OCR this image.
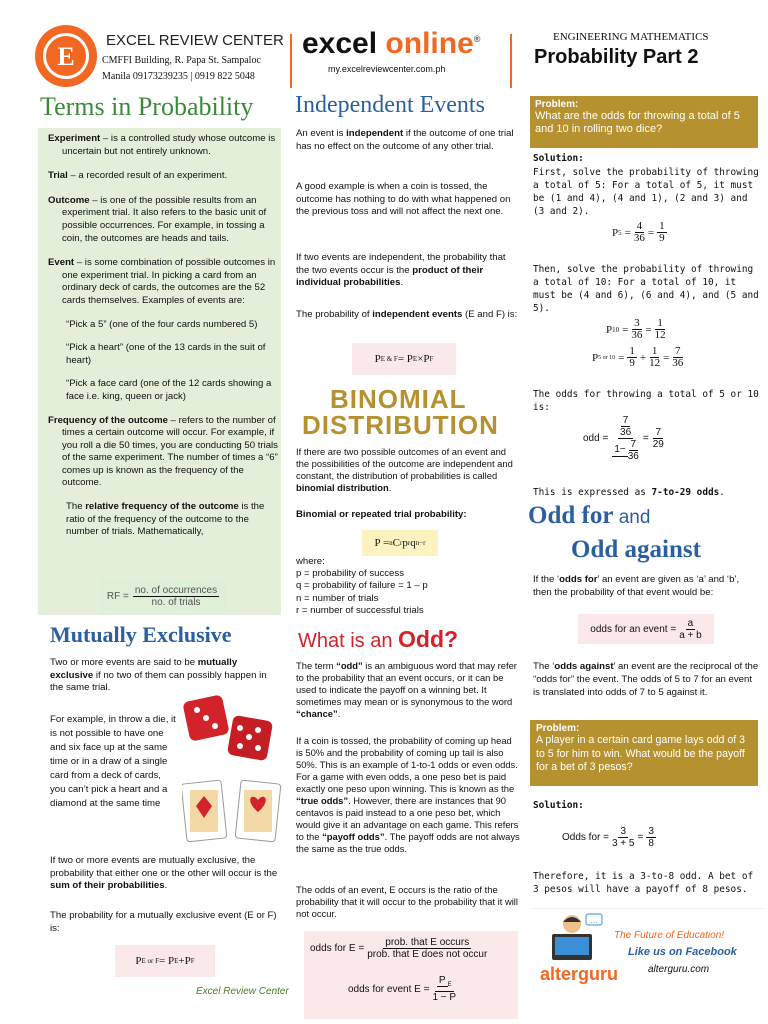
E
EXCEL REVIEW CENTER
CMFFI Building, R. Papa St. Sampaloc
Manila 09173239235 | 0919 822 5048
excel online®
my.excelreviewcenter.com.ph
ENGINEERING MATHEMATICS
Probability Part 2
Terms in Probability

Experiment – is a controlled study whose outcome is uncertain but not entirely unknown.

Trial – a recorded result of an experiment.

Outcome – is one of the possible results from an experiment trial. It also refers to the basic unit of possible occurrences. For example, in tossing a coin, the outcomes are heads and tails.

Event – is some combination of possible outcomes in one experiment trial. In picking a card from an ordinary deck of cards, the outcomes are the 52 cards themselves. Examples of events are:

“Pick a 5” (one of the four cards numbered 5)

“Pick a heart” (one of the 13 cards in the suit of heart)

“Pick a face card (one of the 12 cards showing a face i.e. king, queen or jack)

Frequency of the outcome – refers to the number of times a certain outcome will occur. For example, if you roll a die 50 times, you are conducting 50 trials of the same experiment. The number of times a “6” comes up is known as the frequency of the outcome.

The relative frequency of the outcome is the ratio of the frequency of the outcome to the number of trials. Mathematically,

RF = $\frac{\text{no. of occurrences}}{\text{no. of trials}}$
Mutually Exclusive
Two or more events are said to be mutually exclusive if no two of them can possibly happen in the same trial.
For example, in throw a die, it is not possible to have one and six face up at the same time or in a draw of a single card from a deck of cards, you can’t pick a heart and a diamond at the same time
If two or more events are mutually exclusive, the probability that either one or the other will occur is the sum of their probabilities.
The probability for a mutually exclusive event (E or F) is:
P E or F = P E +P F
Excel Review Center
Independent Events
An event is independent if the outcome of one trial has no effect on the outcome of any other trial.
A good example is when a coin is tossed, the outcome has nothing to do with what happened on the previous toss and will not affect the next one.
If two events are independent, the probability that the two events occur is the product of their individual probabilities.
The probability of independent events (E and F) is:
P E & F = P E ×P F
BINOMIAL
DISTRIBUTION
If there are two possible outcomes of an event and the possibilities of the outcome are independent and constant, the distribution of probabilities is called binomial distribution.
Binomial or repeated trial probability:
P = n C r p r q n−r

where:

p = probability of success

q = probability of failure = 1 – p

n = number of trials

r = number of successful trials

What is an Odd?
The term “odd” is an ambiguous word that may refer to the probability that an event occurs, or it can be used to indicate the payoff on a winning bet. It sometimes may mean or is synonymous to the word “chance”.
If a coin is tossed, the probability of coming up head is 50% and the probability of coming up tail is also 50%. This is an example of 1-to-1 odds or even odds. For a game with even odds, a one peso bet is paid exactly one peso upon winning. This is known as the “true odds”. However, there are instances that 90 centavos is paid instead to a one peso bet, which would give it an advantage on each game. This refers to the “payoff odds”. The payoff odds are not always the same as the true odds.
The odds of an event, E occurs is the ratio of the probability that it will occur to the probability that it will not occur.
odds for $E = \frac{\text{prob. that E occurs}}{\text{prob. that E does not occur}}$
odds for event $E = \frac{P _E}{1 - P}$
Problem:
What are the odds for throwing a total of 5 and 10 in rolling two dice?
Solution:
First, solve the probability of throwing a total of 5: For a total of 5, it must be (1 and 4), (4 and 1), (2 and 3) and (3 and 2).
P $5 = \frac{4}{36} = \frac{1}{9}$
Then, solve the probability of throwing a total of 10: For a total of 10, it must be (4 and 6), (6 and 4), and (5 and 5).
P $10 = \frac{3}{36} = \frac{1}{12}$
P 5 or $10 = \frac{1}{9} + \frac{1}{12} = \frac{7}{36}$
The odds for throwing a total of 5 or 10 is:
odd = $\frac{\frac{7}{36}}{1- \frac{7}{36}} = \frac{7}{29}$
This is expressed as 7-to-29 odds.
Odd for and
Odd against
If the ‘odds for’ an event are given as ‘a’ and ‘b’, then the probability of that event would be:
odds for an event = $\frac{a}{a + b}$
The ‘odds against’ an event are the reciprocal of the “odds for” the event. The odds of 5 to 7 for an event is translated into odds of 7 to 5 against it.
Problem:
A player in a certain card game lays odd of 3 to 5 for him to win. What would be the payoff for a bet of 3 pesos?
Solution:
Odds for = $\frac{3}{3 + 5} = \frac{3}{8}$
Therefore, it is a 3-to-8 odd. A bet of 3 pesos will have a payoff of 8 pesos.
…
alterguru
The Future of Education!
Like us on Facebook
alterguru.com
